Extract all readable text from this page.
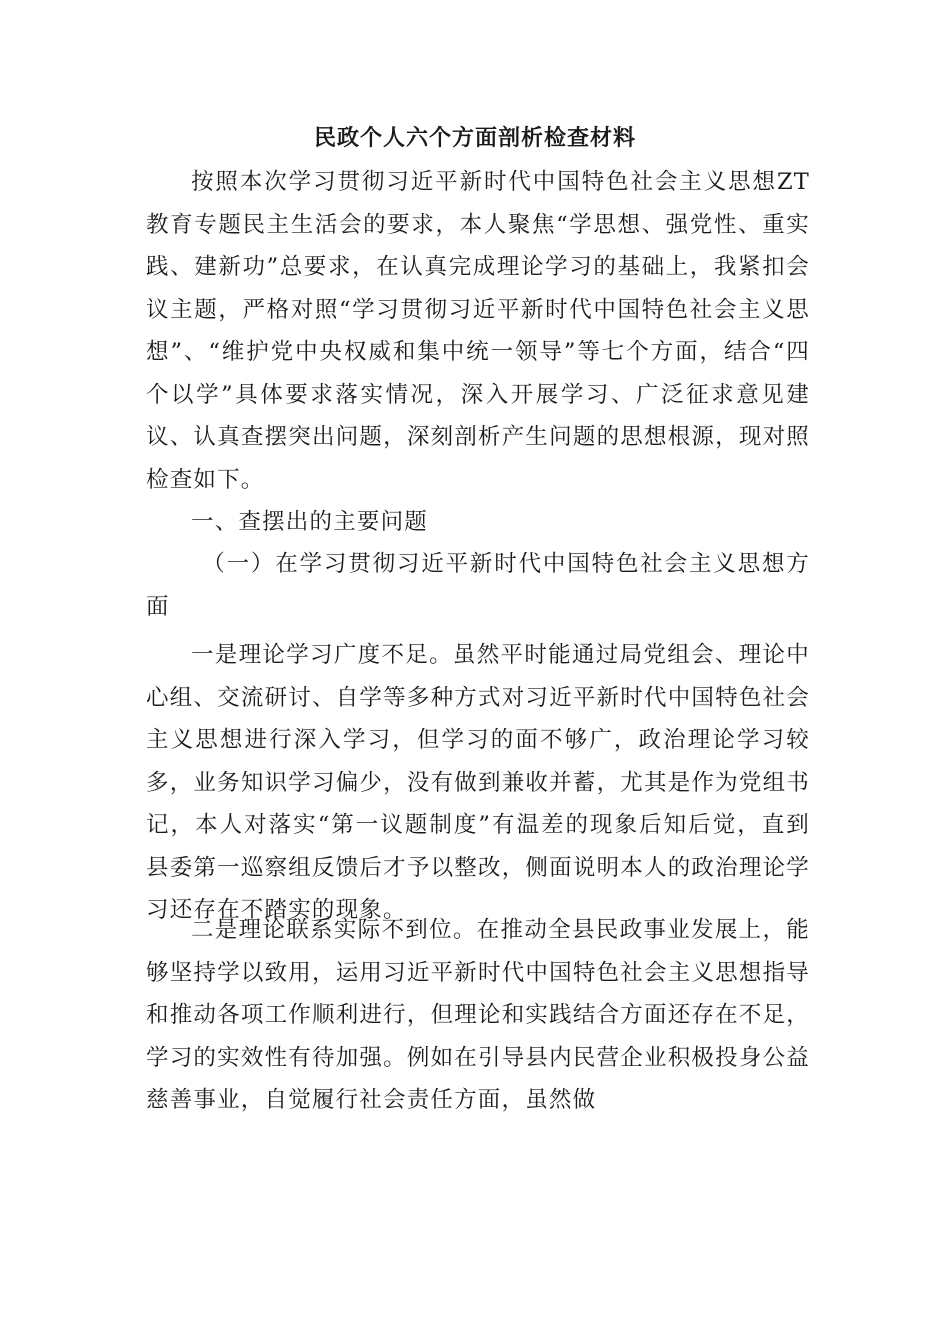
民政个人六个方面剖析检查材料

按照本次学习贯彻习近平新时代中国特色社会主义思想ZT教育专题民主生活会的要求，本人聚焦“学思想、强党性、重实践、建新功”总要求，在认真完成理论学习的基础上，我紧扣会议主题，严格对照“学习贯彻习近平新时代中国特色社会主义思想”、“维护党中央权威和集中统一领导”等七个方面，结合“四个以学”具体要求落实情况，深入开展学习、广泛征求意见建议、认真查摆突出问题，深刻剖析产生问题的思想根源，现对照检查如下。

一、查摆出的主要问题

（一）在学习贯彻习近平新时代中国特色社会主义思想方面

一是理论学习广度不足。虽然平时能通过局党组会、理论中心组、交流研讨、自学等多种方式对习近平新时代中国特色社会主义思想进行深入学习，但学习的面不够广，政治理论学习较多，业务知识学习偏少，没有做到兼收并蓄，尤其是作为党组书记，本人对落实“第一议题制度”有温差的现象后知后觉，直到县委第一巡察组反馈后才予以整改，侧面说明本人的政治理论学习还存在不踏实的现象。

二是理论联系实际不到位。在推动全县民政事业发展上，能够坚持学以致用，运用习近平新时代中国特色社会主义思想指导和推动各项工作顺利进行，但理论和实践结合方面还存在不足，学习的实效性有待加强。例如在引导县内民营企业积极投身公益慈善事业，自觉履行社会责任方面，虽然做
